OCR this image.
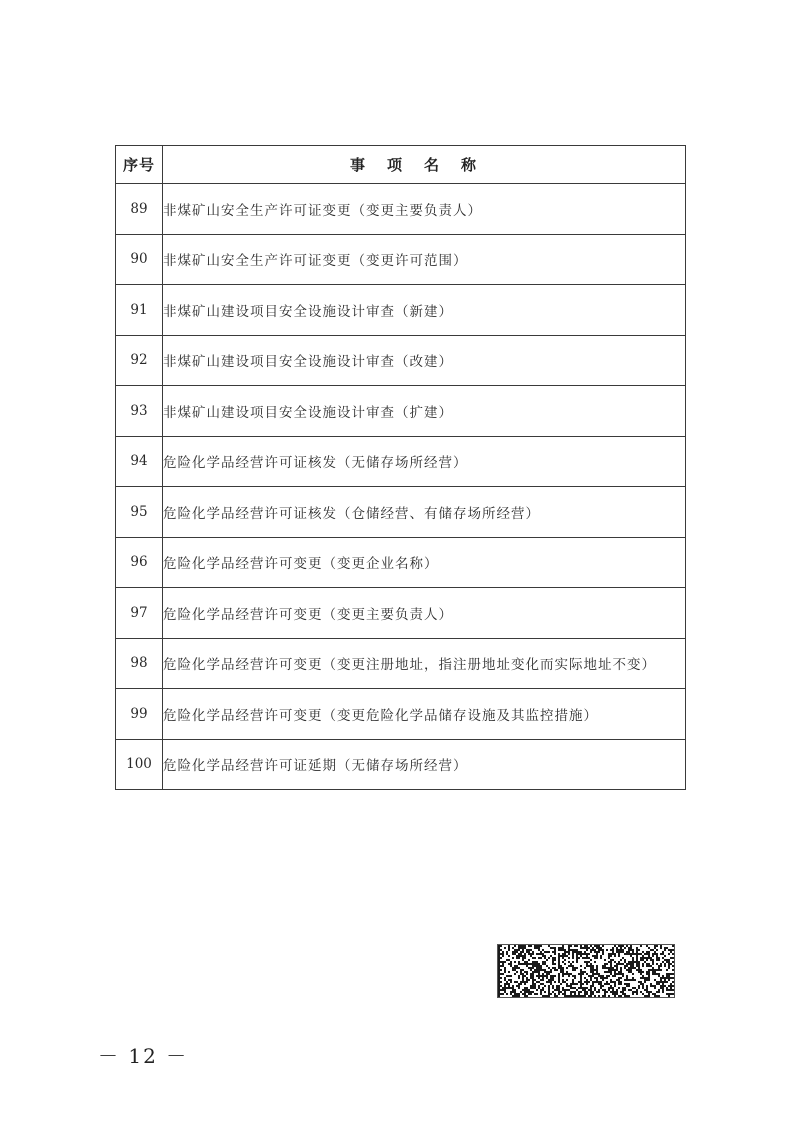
序号	事项名称
89	非煤矿山安全生产许可证变更（变更主要负责人）
90	非煤矿山安全生产许可证变更（变更许可范围）
91	非煤矿山建设项目安全设施设计审查（新建）
92	非煤矿山建设项目安全设施设计审查（改建）
93	非煤矿山建设项目安全设施设计审查（扩建）
94	危险化学品经营许可证核发（无储存场所经营）
95	危险化学品经营许可证核发（仓储经营、有储存场所经营）
96	危险化学品经营许可变更（变更企业名称）
97	危险化学品经营许可变更（变更主要负责人）
98	危险化学品经营许可变更（变更注册地址，指注册地址变化而实际地址不变）
99	危险化学品经营许可变更（变更危险化学品储存设施及其监控措施）
100	危险化学品经营许可证延期（无储存场所经营）
－ 12 －
